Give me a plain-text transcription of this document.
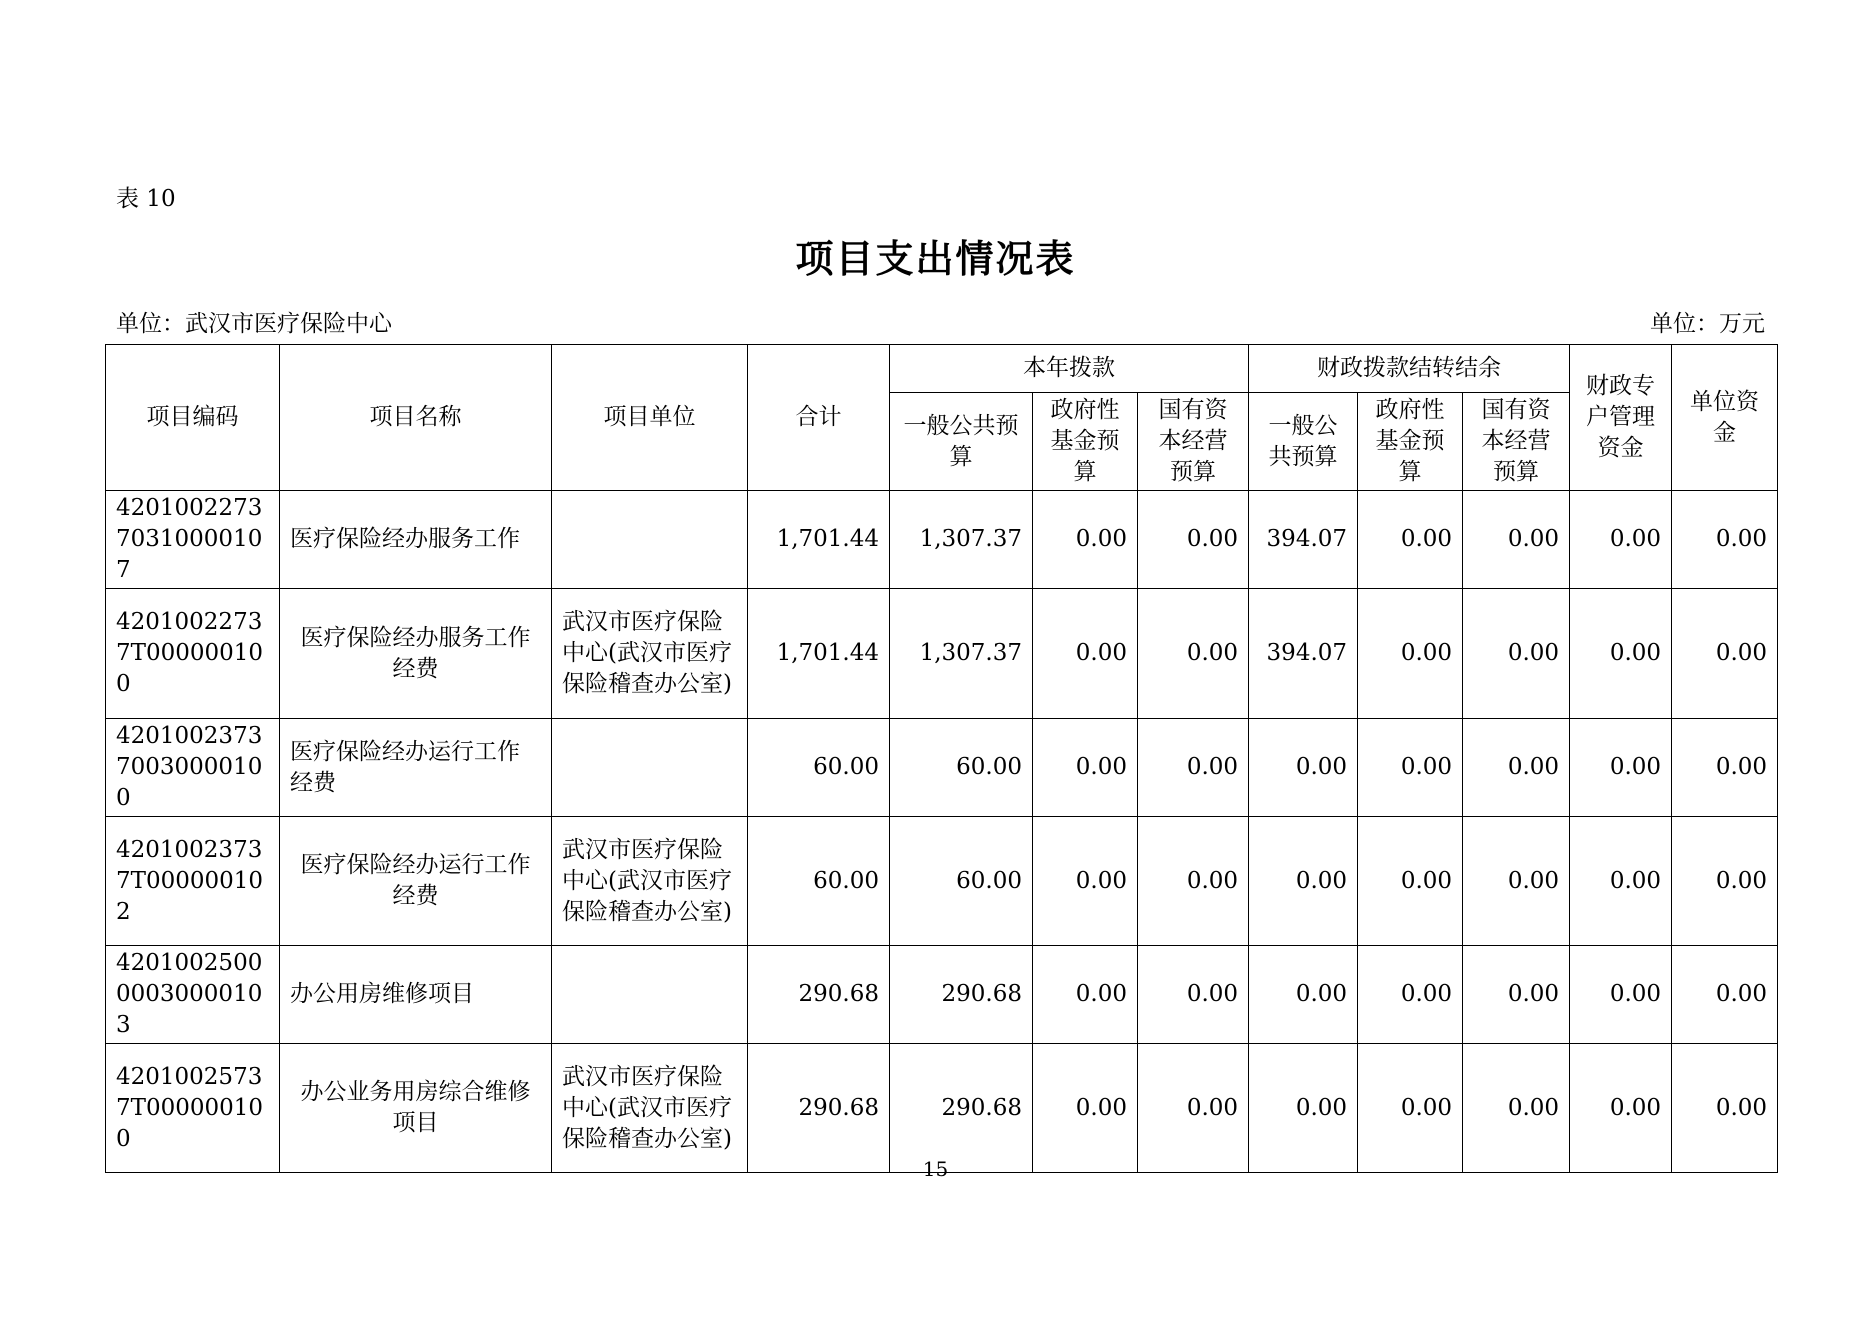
表 10
项目支出情况表
单位：武汉市医疗保险中心	单位：万元
项目编码	项目名称	项目单位	合计	本年拨款			财政拨款结转结余			财政专户管理资金	单位资金
				一般公共预算	政府性基金预算	国有资本经营预算	一般公共预算	政府性基金预算	国有资本经营预算		
420100227370310000107	医疗保险经办服务工作		1,701.44	1,307.37	0.00	0.00	394.07	0.00	0.00	0.00	0.00
42010022737T000000100	医疗保险经办服务工作经费	武汉市医疗保险中心(武汉市医疗保险稽查办公室)	1,701.44	1,307.37	0.00	0.00	394.07	0.00	0.00	0.00	0.00
420100237370030000100	医疗保险经办运行工作经费		60.00	60.00	0.00	0.00	0.00	0.00	0.00	0.00	0.00
42010023737T000000102	医疗保险经办运行工作经费	武汉市医疗保险中心(武汉市医疗保险稽查办公室)	60.00	60.00	0.00	0.00	0.00	0.00	0.00	0.00	0.00
420100250000030000103	办公用房维修项目		290.68	290.68	0.00	0.00	0.00	0.00	0.00	0.00	0.00
42010025737T000000100	办公业务用房综合维修项目	武汉市医疗保险中心(武汉市医疗保险稽查办公室)	290.68	290.68	0.00	0.00	0.00	0.00	0.00	0.00	0.00
15
